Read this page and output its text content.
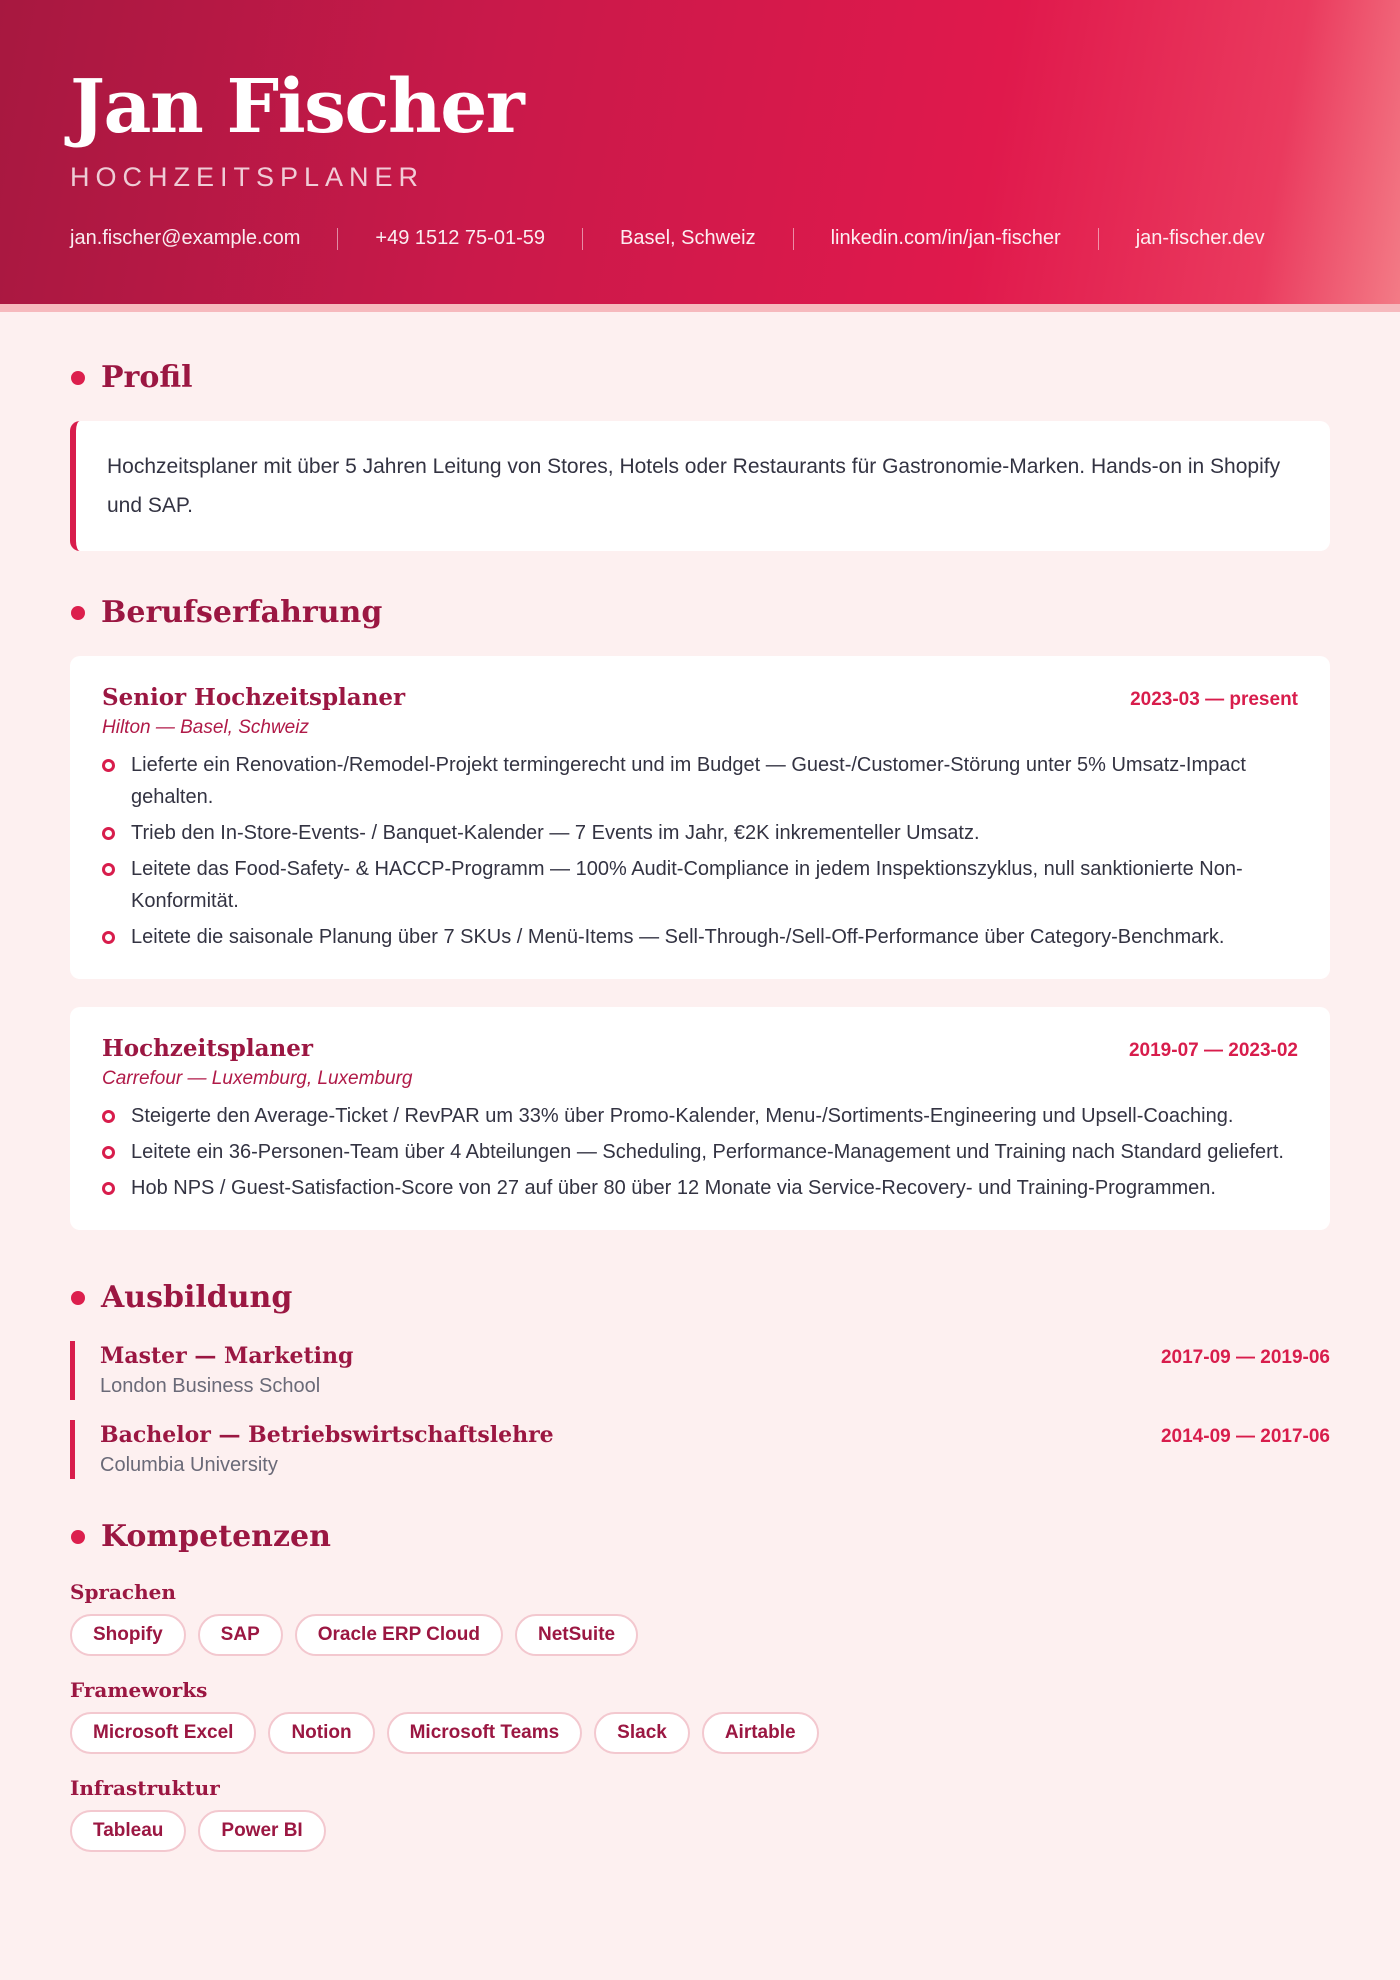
Jan Fischer
HOCHZEITSPLANER
jan.fischer@example.com	+49 1512 75-01-59	Basel, Schweiz	linkedin.com/in/jan-fischer	jan-fischer.dev
Profil
Hochzeitsplaner mit über 5 Jahren Leitung von Stores, Hotels oder Restaurants für Gastronomie-Marken. Hands-on in Shopify und SAP.
Berufserfahrung
Senior Hochzeitsplaner	2023-03 — present
Hilton — Basel, Schweiz
Lieferte ein Renovation-/Remodel-Projekt termingerecht und im Budget — Guest-/Customer-Störung unter 5% Umsatz-Impact gehalten.
Trieb den In-Store-Events- / Banquet-Kalender — 7 Events im Jahr, €2K inkrementeller Umsatz.
Leitete das Food-Safety- & HACCP-Programm — 100% Audit-Compliance in jedem Inspektionszyklus, null sanktionierte Non-Konformität.
Leitete die saisonale Planung über 7 SKUs / Menü-Items — Sell-Through-/Sell-Off-Performance über Category-Benchmark.
Hochzeitsplaner	2019-07 — 2023-02
Carrefour — Luxemburg, Luxemburg
Steigerte den Average-Ticket / RevPAR um 33% über Promo-Kalender, Menu-/Sortiments-Engineering und Upsell-Coaching.
Leitete ein 36-Personen-Team über 4 Abteilungen — Scheduling, Performance-Management und Training nach Standard geliefert.
Hob NPS / Guest-Satisfaction-Score von 27 auf über 80 über 12 Monate via Service-Recovery- und Training-Programmen.
Ausbildung
Master — Marketing
London Business School
2017-09 — 2019-06
Bachelor — Betriebswirtschaftslehre
Columbia University
2014-09 — 2017-06
Kompetenzen
Sprachen
Shopify	SAP	Oracle ERP Cloud	NetSuite
Frameworks
Microsoft Excel	Notion	Microsoft Teams	Slack	Airtable
Infrastruktur
Tableau	Power BI
